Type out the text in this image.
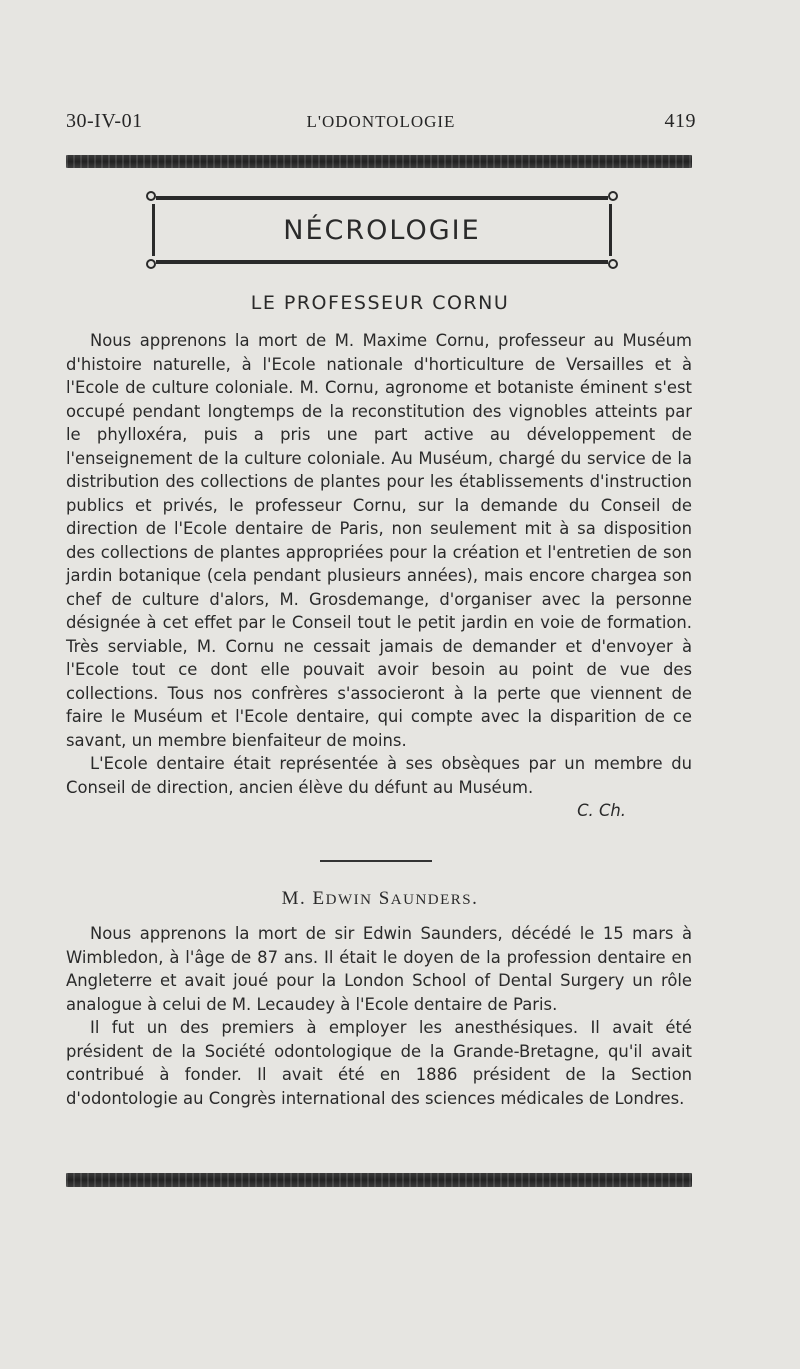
30-IV-01	L'ODONTOLOGIE	419
NÉCROLOGIE
LE PROFESSEUR CORNU

Nous apprenons la mort de M. Maxime Cornu, professeur au Muséum d'histoire naturelle, à l'Ecole nationale d'horticulture de Versailles et à l'Ecole de culture coloniale. M. Cornu, agronome et botaniste éminent s'est occupé pendant longtemps de la reconstitution des vignobles atteints par le phylloxéra, puis a pris une part active au développement de l'enseignement de la culture coloniale. Au Muséum, chargé du service de la distribution des collections de plantes pour les établissements d'instruction publics et privés, le professeur Cornu, sur la demande du Conseil de direction de l'Ecole dentaire de Paris, non seulement mit à sa disposition des collections de plantes appropriées pour la création et l'entretien de son jardin botanique (cela pendant plusieurs années), mais encore chargea son chef de culture d'alors, M. Grosdemange, d'organiser avec la personne désignée à cet effet par le Conseil tout le petit jardin en voie de formation. Très serviable, M. Cornu ne cessait jamais de demander et d'envoyer à l'Ecole tout ce dont elle pouvait avoir besoin au point de vue des collections. Tous nos confrères s'associeront à la perte que viennent de faire le Muséum et l'Ecole dentaire, qui compte avec la disparition de ce savant, un membre bienfaiteur de moins.

L'Ecole dentaire était représentée à ses obsèques par un membre du Conseil de direction, ancien élève du défunt au Muséum.

C. Ch.

M. EDWIN SAUNDERS.

Nous apprenons la mort de sir Edwin Saunders, décédé le 15 mars à Wimbledon, à l'âge de 87 ans. Il était le doyen de la profession dentaire en Angleterre et avait joué pour la London School of Dental Surgery un rôle analogue à celui de M. Lecaudey à l'Ecole dentaire de Paris.

Il fut un des premiers à employer les anesthésiques. Il avait été président de la Société odontologique de la Grande-Bretagne, qu'il avait contribué à fonder. Il avait été en 1886 président de la Section d'odontologie au Congrès international des sciences médicales de Londres.
